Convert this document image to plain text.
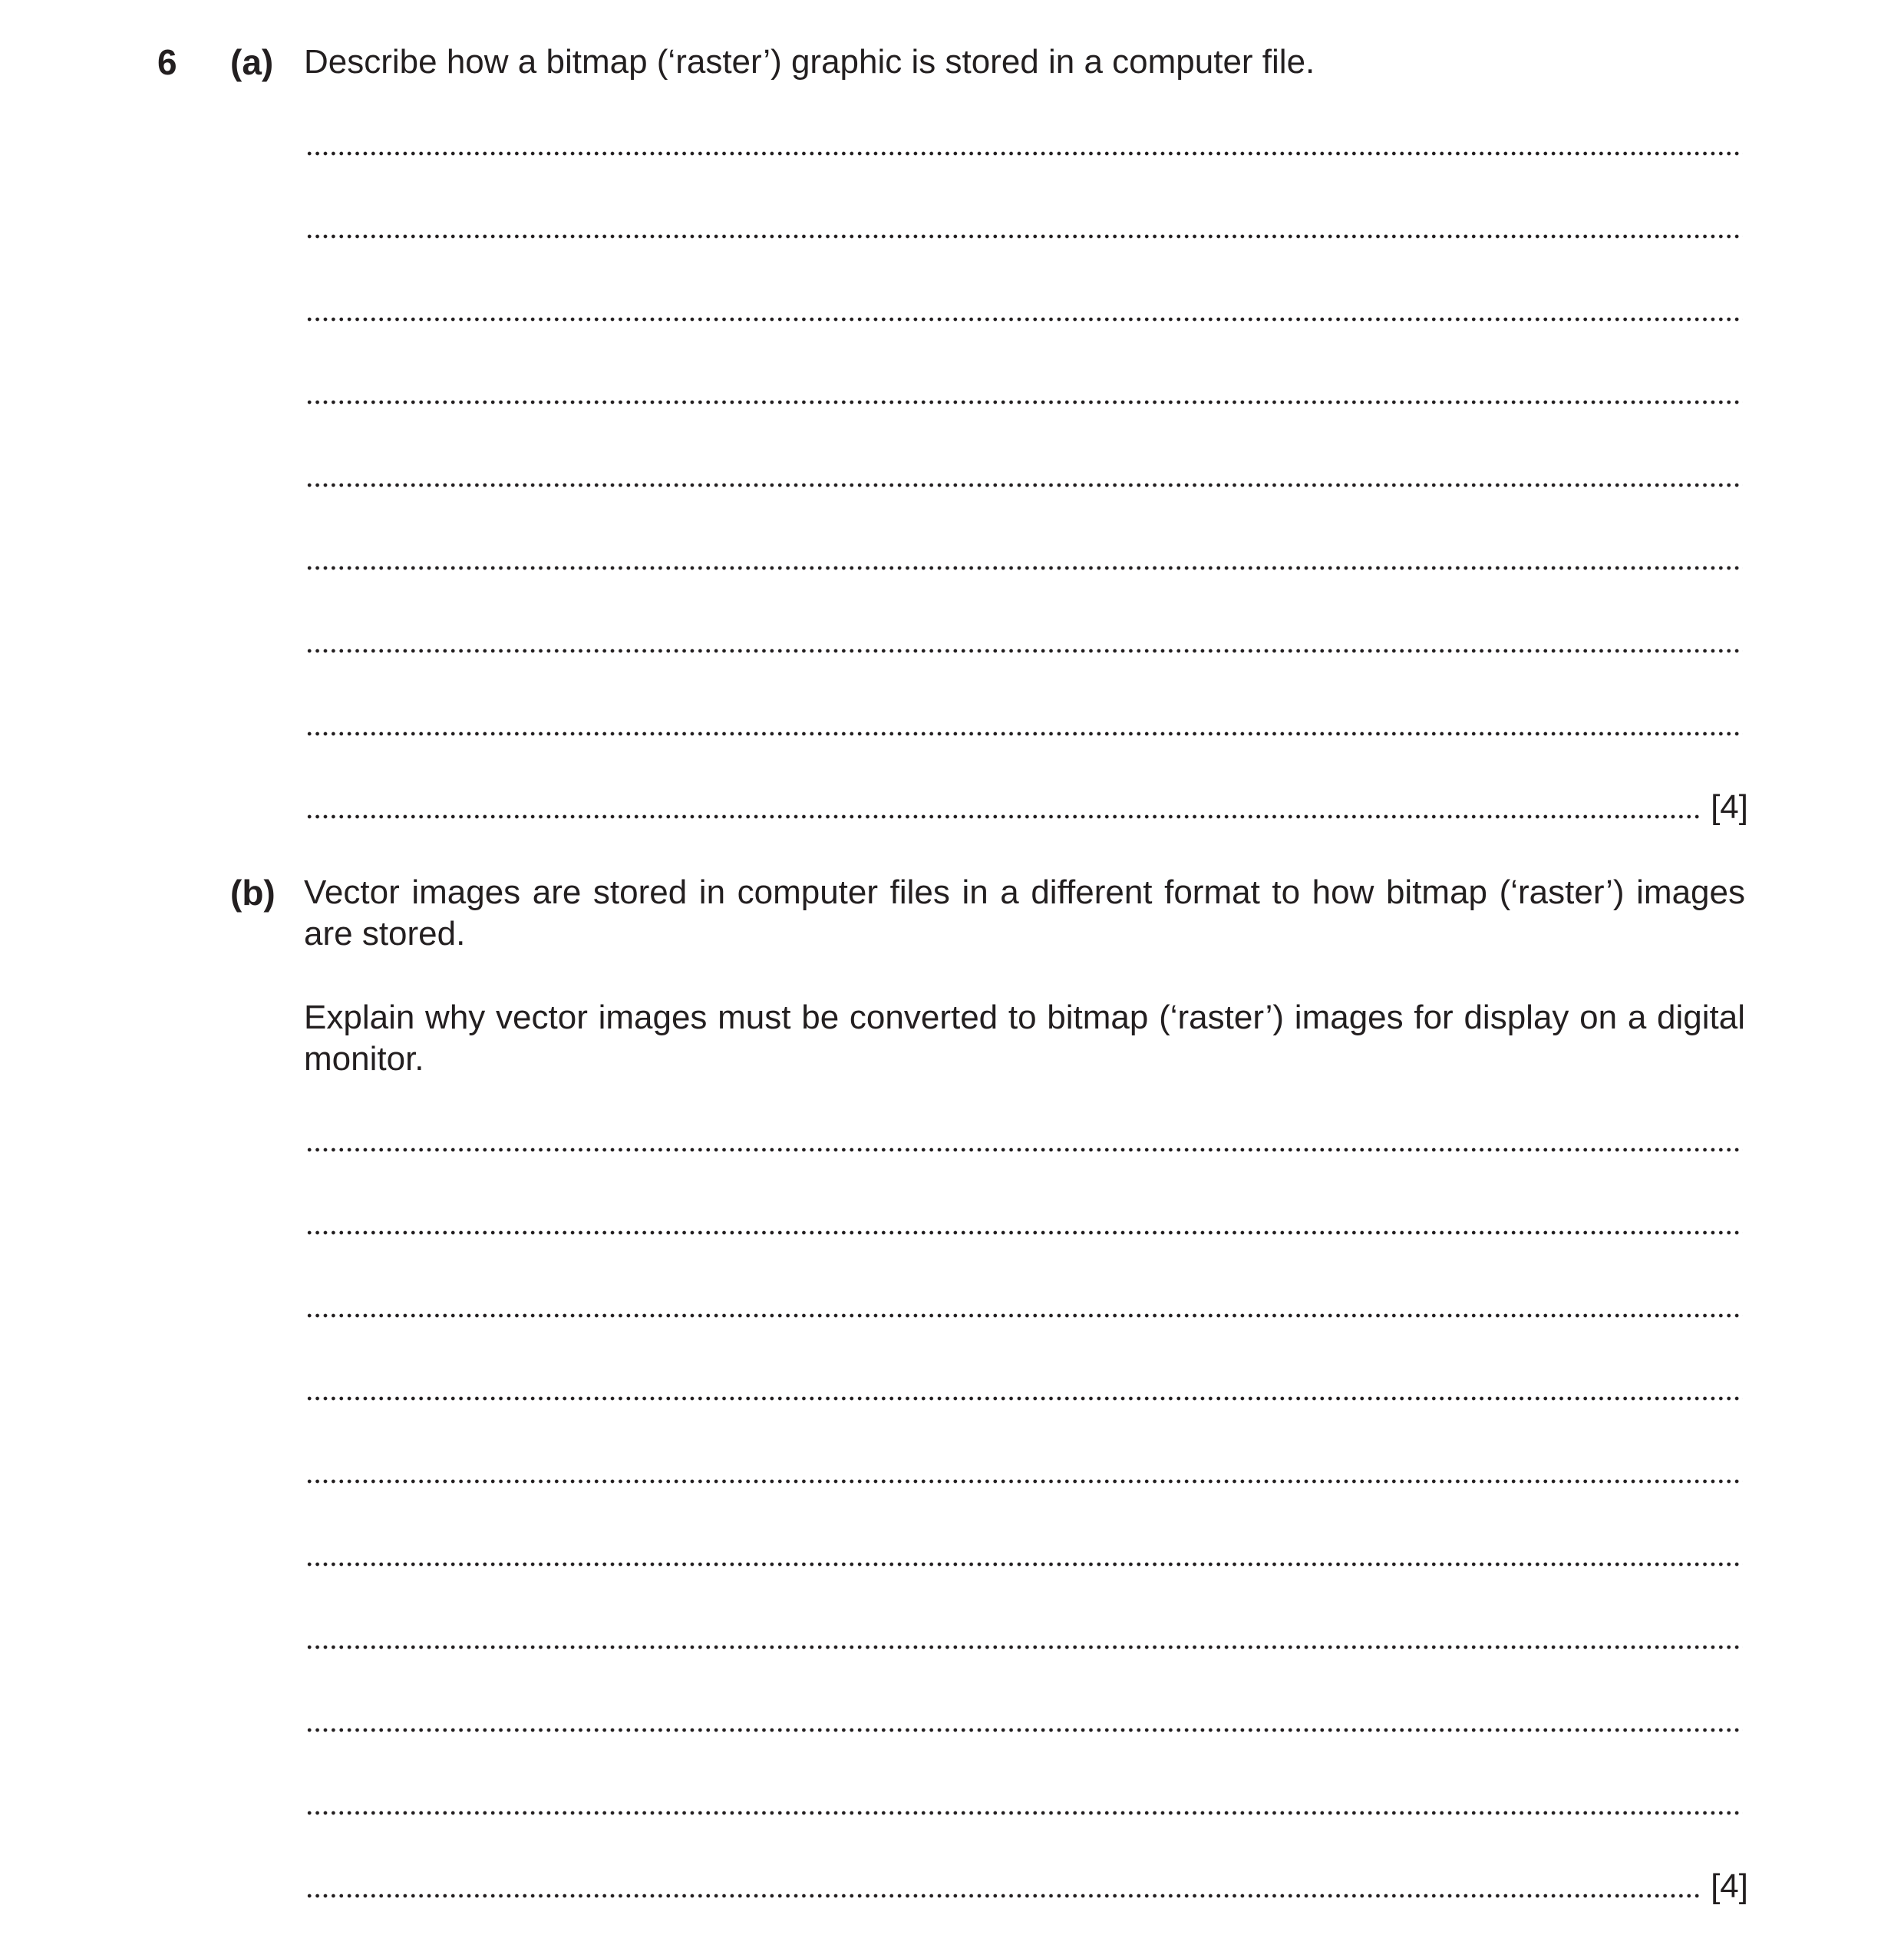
6 (a) Describe how a bitmap (‘raster’) graphic is stored in a computer file.
[4]
(b) Vector images are stored in computer files in a different format to how bitmap (‘raster’) images are stored.
Explain why vector images must be converted to bitmap (‘raster’) images for display on a digital monitor.
[4]
